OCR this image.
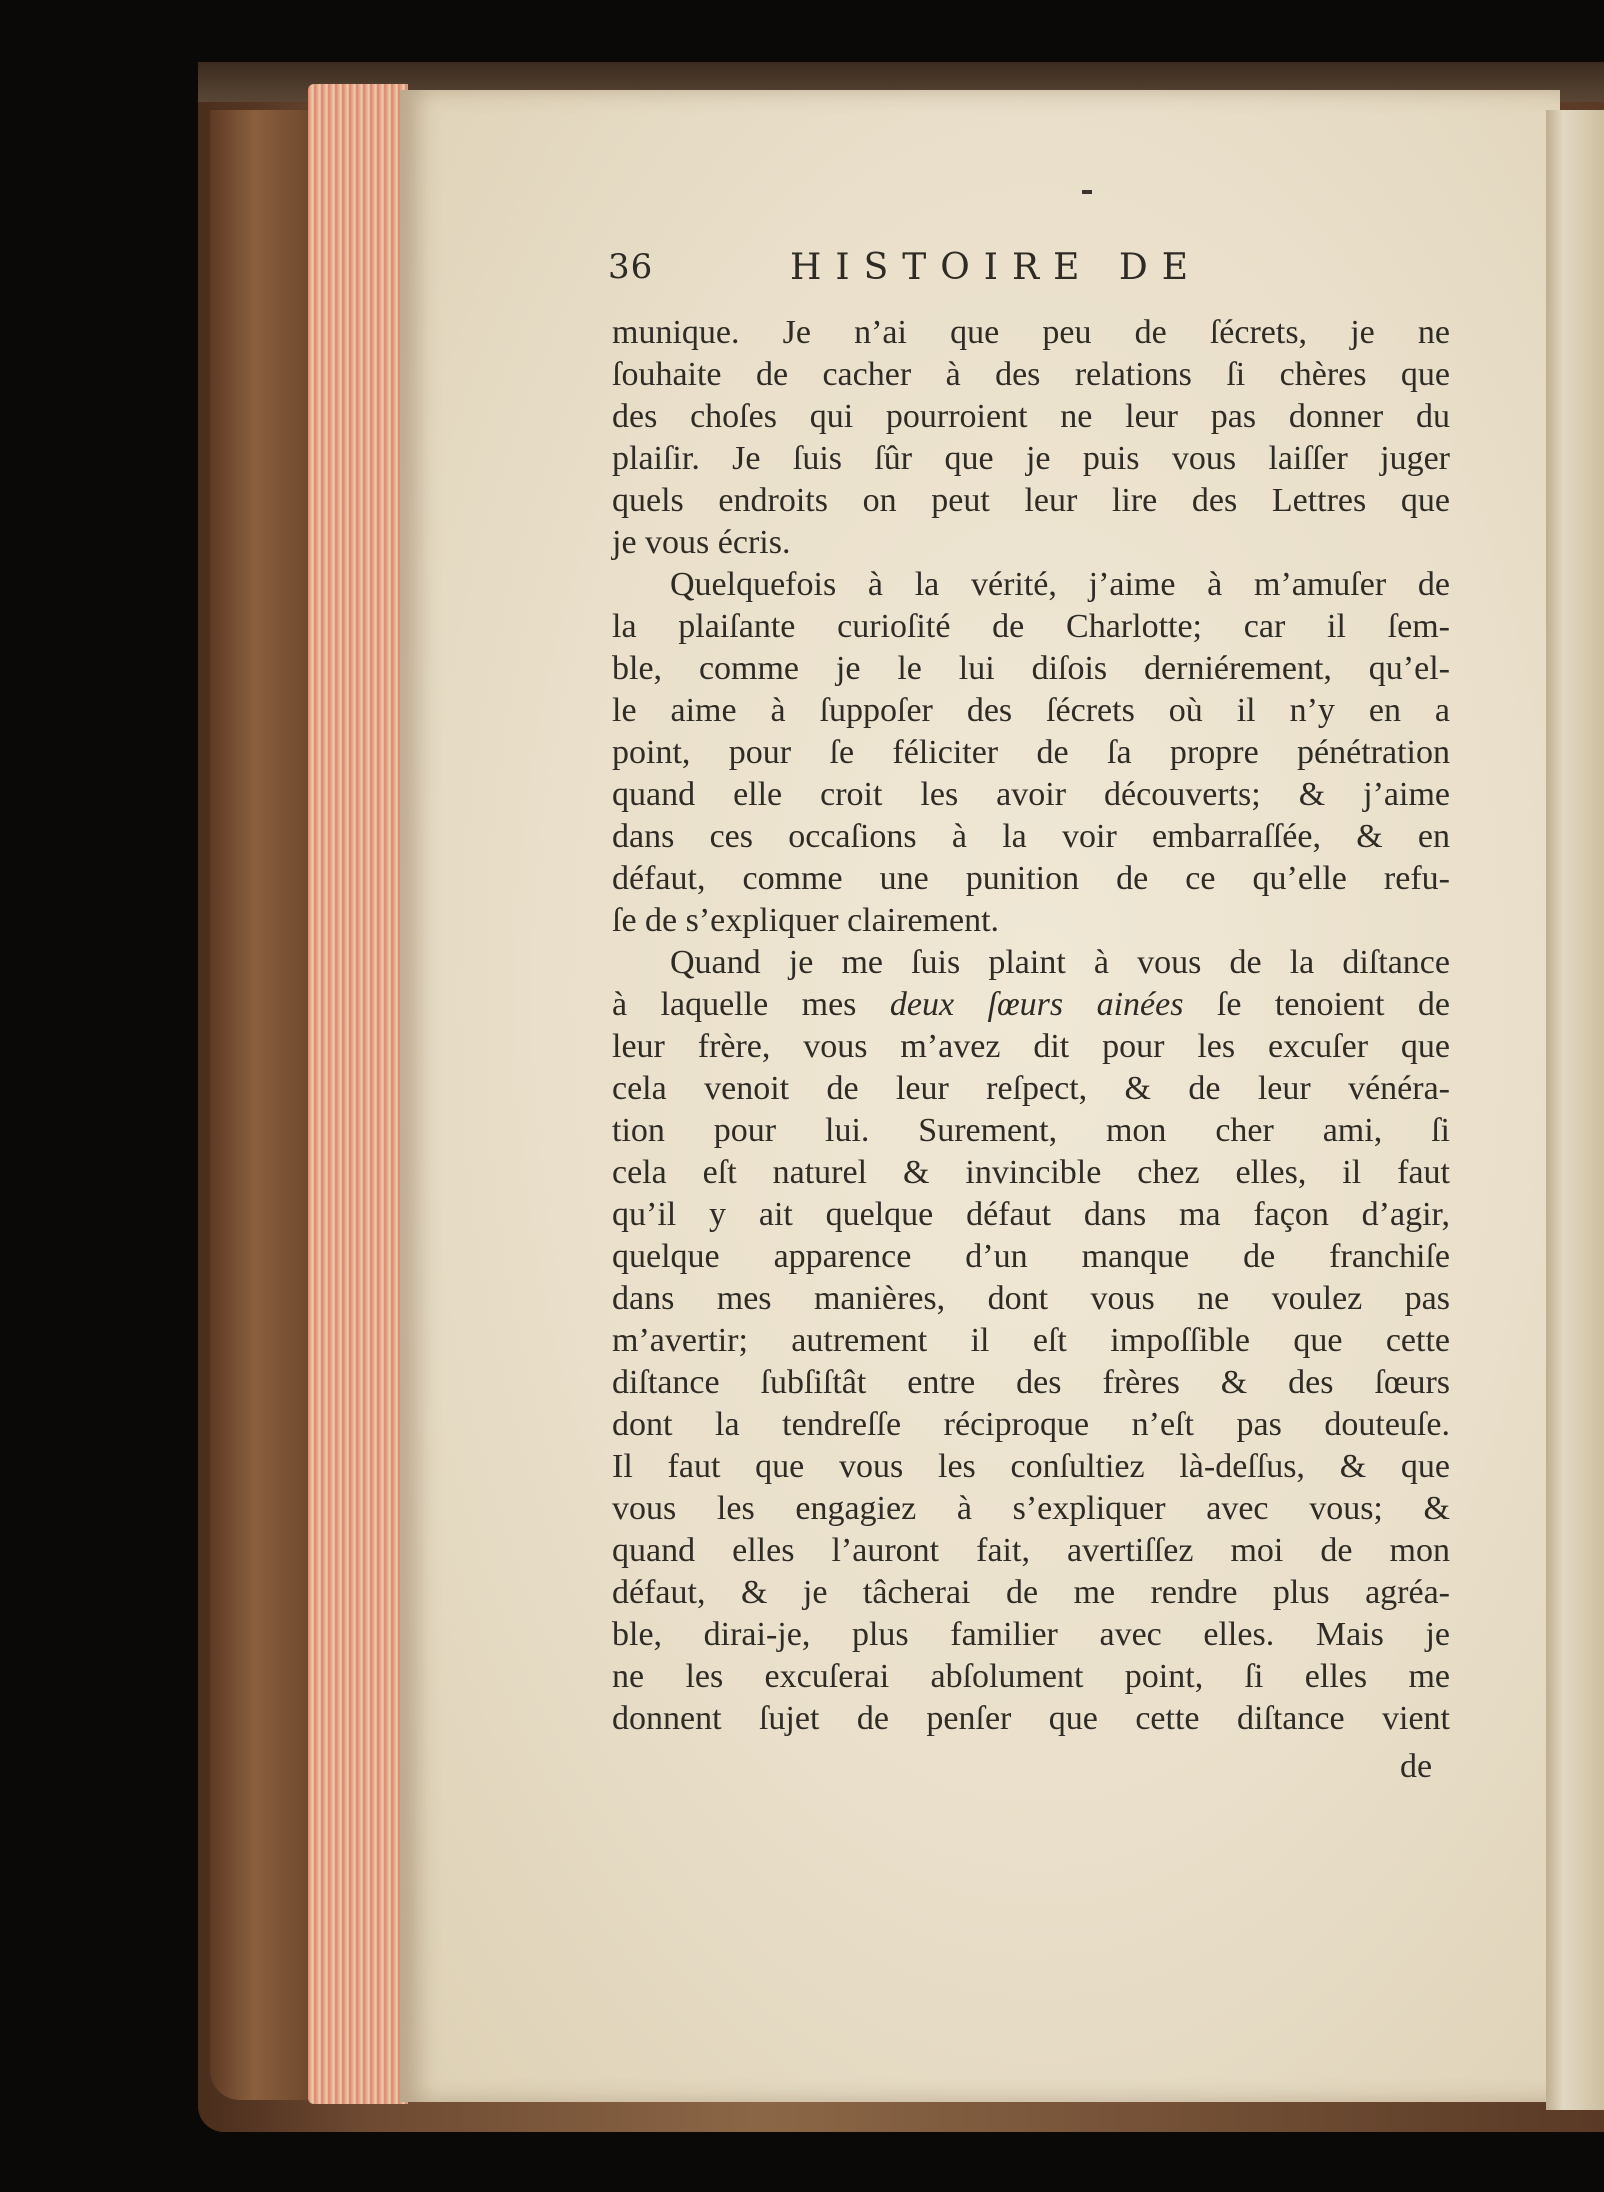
36	HISTOIRE DE
munique. Je n’ai que peu de ſécrets, je ne
ſouhaite de cacher à des relations ſi chères que
des choſes qui pourroient ne leur pas donner du
plaiſir. Je ſuis ſûr que je puis vous laiſſer juger
quels endroits on peut leur lire des Lettres que
je vous écris.
Quelquefois à la vérité, j’aime à m’amuſer de
la plaiſante curioſité de Charlotte; car il ſem-
ble, comme je le lui diſois derniérement, qu’el-
le aime à ſuppoſer des ſécrets où il n’y en a
point, pour ſe féliciter de ſa propre pénétration
quand elle croit les avoir découverts; & j’aime
dans ces occaſions à la voir embarraſſée, & en
défaut, comme une punition de ce qu’elle refu-
ſe de s’expliquer clairement.
Quand je me ſuis plaint à vous de la diſtance
à laquelle mes deux ſœurs ainées ſe tenoient de
leur frère, vous m’avez dit pour les excuſer que
cela venoit de leur reſpect, & de leur vénéra-
tion pour lui. Surement, mon cher ami, ſi
cela eſt naturel & invincible chez elles, il faut
qu’il y ait quelque défaut dans ma façon d’agir,
quelque apparence d’un manque de franchiſe
dans mes manières, dont vous ne voulez pas
m’avertir; autrement il eſt impoſſible que cette
diſtance ſubſiſtât entre des frères & des ſœurs
dont la tendreſſe réciproque n’eſt pas douteuſe.
Il faut que vous les conſultiez là-deſſus, & que
vous les engagiez à s’expliquer avec vous; &
quand elles l’auront fait, avertiſſez moi de mon
défaut, & je tâcherai de me rendre plus agréa-
ble, dirai-je, plus familier avec elles. Mais je
ne les excuſerai abſolument point, ſi elles me
donnent ſujet de penſer que cette diſtance vient
de
